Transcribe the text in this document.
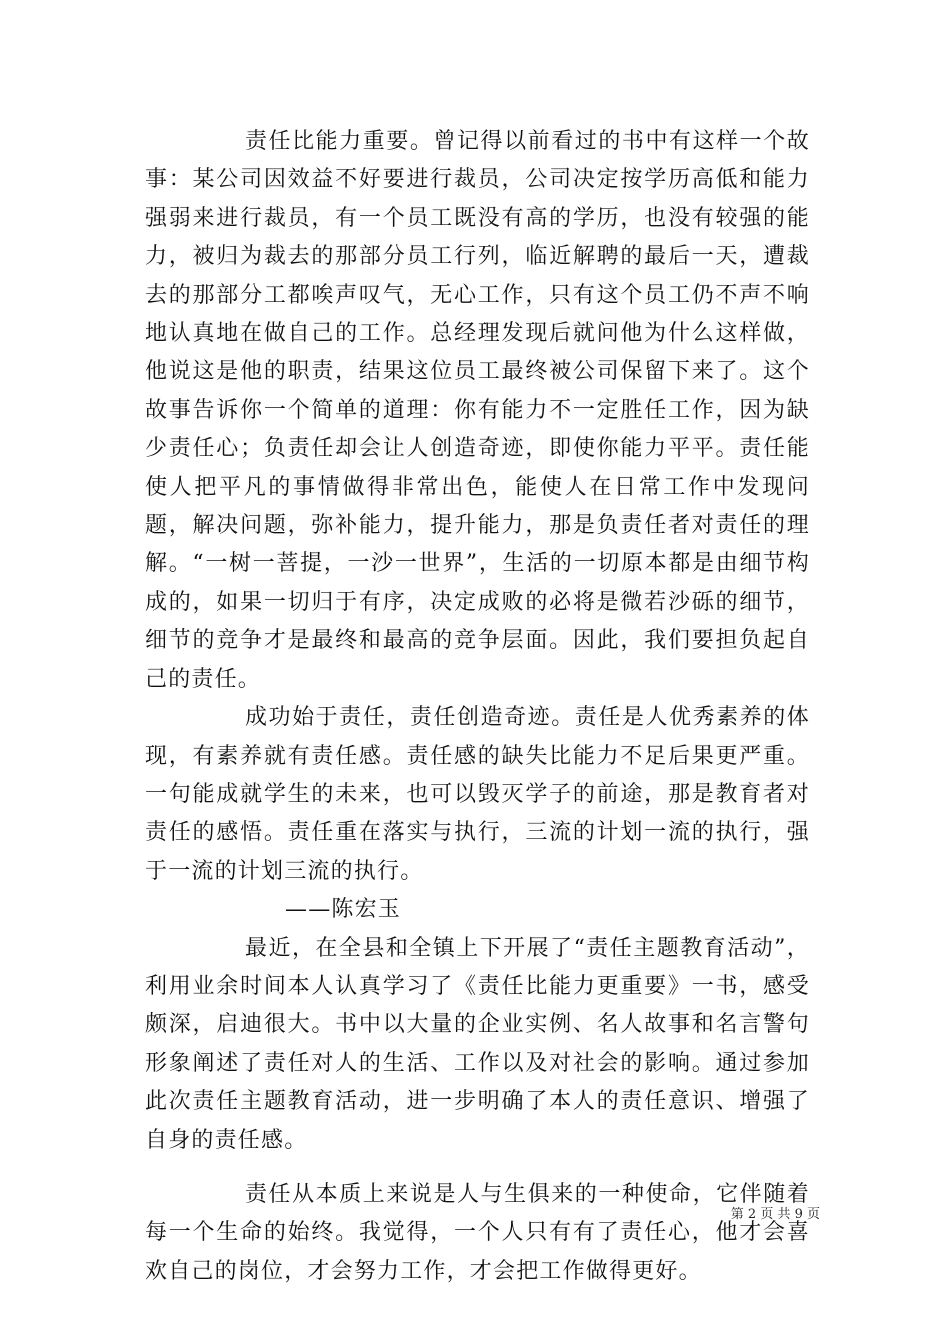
责任比能力重要。曾记得以前看过的书中有这样一个故事：某公司因效益不好要进行裁员，公司决定按学历高低和能力强弱来进行裁员，有一个员工既没有高的学历，也没有较强的能力，被归为裁去的那部分员工行列，临近解聘的最后一天，遭裁去的那部分工都唉声叹气，无心工作，只有这个员工仍不声不响地认真地在做自己的工作。总经理发现后就问他为什么这样做，他说这是他的职责，结果这位员工最终被公司保留下来了。这个故事告诉你一个简单的道理：你有能力不一定胜任工作，因为缺少责任心；负责任却会让人创造奇迹，即使你能力平平。责任能使人把平凡的事情做得非常出色，能使人在日常工作中发现问题，解决问题，弥补能力，提升能力，那是负责任者对责任的理解。“一树一菩提，一沙一世界”，生活的一切原本都是由细节构成的，如果一切归于有序，决定成败的必将是微若沙砾的细节，细节的竞争才是最终和最高的竞争层面。因此，我们要担负起自己的责任。

成功始于责任，责任创造奇迹。责任是人优秀素养的体现，有素养就有责任感。责任感的缺失比能力不足后果更严重。一句能成就学生的未来，也可以毁灭学子的前途，那是教育者对责任的感悟。责任重在落实与执行，三流的计划一流的执行，强于一流的计划三流的执行。

——陈宏玉

最近，在全县和全镇上下开展了“责任主题教育活动”，利用业余时间本人认真学习了《责任比能力更重要》一书，感受颇深，启迪很大。书中以大量的企业实例、名人故事和名言警句形象阐述了责任对人的生活、工作以及对社会的影响。通过参加此次责任主题教育活动，进一步明确了本人的责任意识、增强了自身的责任感。

责任从本质上来说是人与生俱来的一种使命，它伴随着每一个生命的始终。我觉得，一个人只有有了责任心，他才会喜欢自己的岗位，才会努力工作，才会把工作做得更好。

第 2 页 共 9 页
